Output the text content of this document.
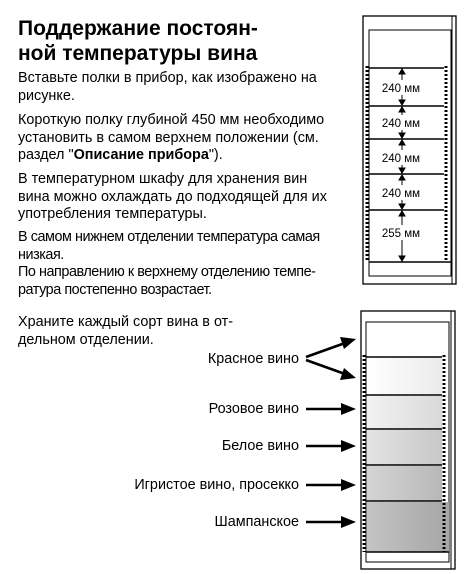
Поддержание постоян-
ной температуры вина
Вставьте полки в прибор, как изображено на
рисунке.
Короткую полку глубиной 450 мм необходимо
установить в самом верхнем положении (см.
раздел "Описание прибора").
В температурном шкафу для хранения вин
вина можно охлаждать до подходящей для их
употребления температуры.
В самом нижнем отделении температура самая
низкая.
По направлению к верхнему отделению темпе-
ратура постепенно возрастает.
Храните каждый сорт вина в от-
дельном отделении.
240 мм
240 мм
240 мм
240 мм
255 мм
Красное вино
Розовое вино
Белое вино
Игристое вино, просекко
Шампанское
